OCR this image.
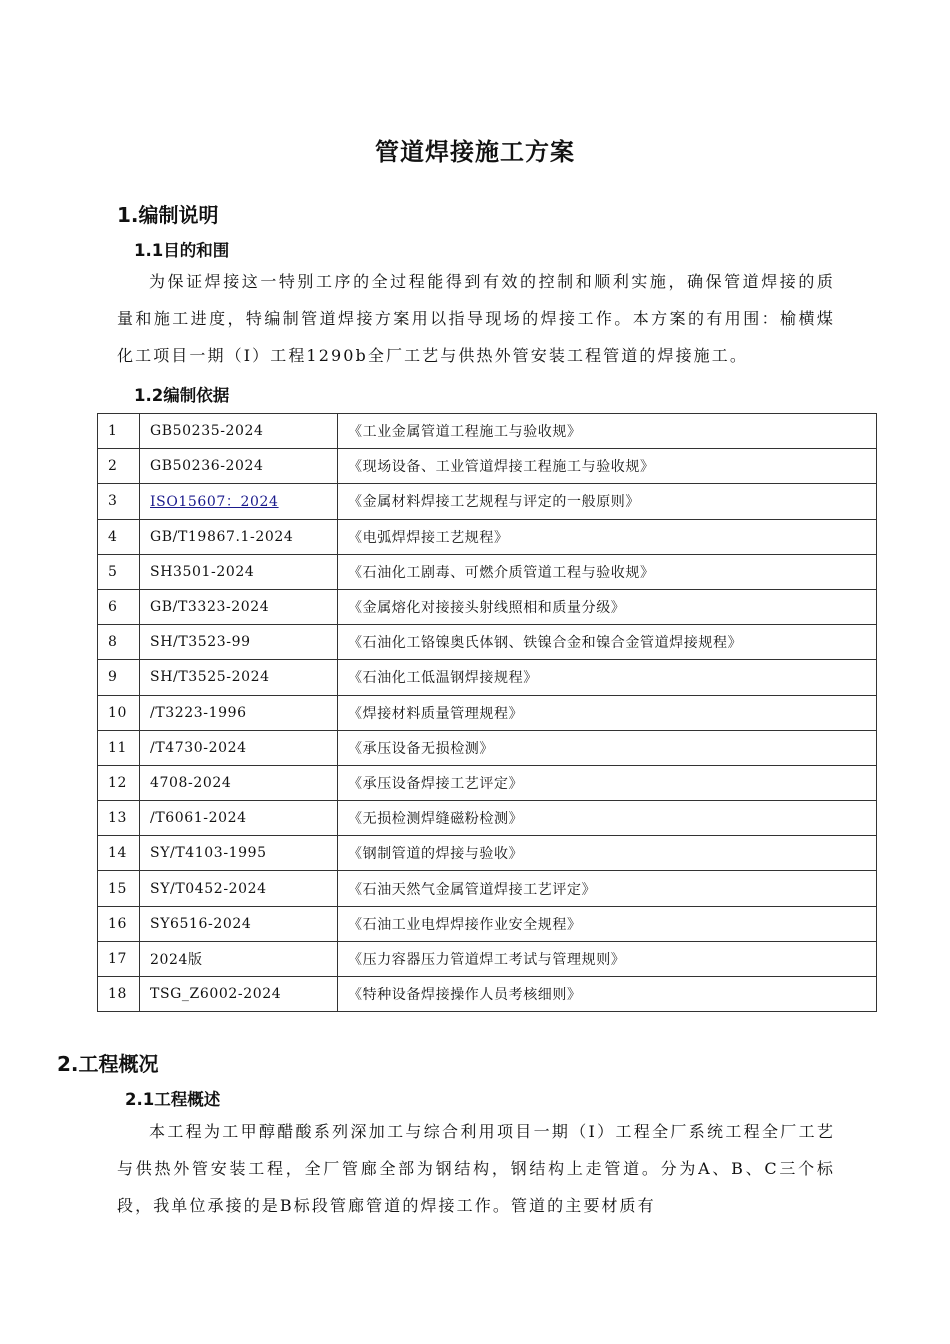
管道焊接施工方案
1.编制说明
1.1目的和围
为保证焊接这一特别工序的全过程能得到有效的控制和顺利实施，确保管道焊接的质量和施工进度，特编制管道焊接方案用以指导现场的焊接工作。本方案的有用围：榆横煤化工项目一期（Ⅰ）工程1290b全厂工艺与供热外管安装工程管道的焊接施工。
1.2编制依据
1	GB50235-2024	《工业金属管道工程施工与验收规》
2	GB50236-2024	《现场设备、工业管道焊接工程施工与验收规》
3	ISO15607：2024	《金属材料焊接工艺规程与评定的一般原则》
4	GB/T19867.1-2024	《电弧焊焊接工艺规程》
5	SH3501-2024	《石油化工剧毒、可燃介质管道工程与验收规》
6	GB/T3323-2024	《金属熔化对接接头射线照相和质量分级》
8	SH/T3523-99	《石油化工铬镍奥氏体钢、铁镍合金和镍合金管道焊接规程》
9	SH/T3525-2024	《石油化工低温钢焊接规程》
10	/T3223-1996	《焊接材料质量管理规程》
11	/T4730-2024	《承压设备无损检测》
12	4708-2024	《承压设备焊接工艺评定》
13	/T6061-2024	《无损检测焊缝磁粉检测》
14	SY/T4103-1995	《钢制管道的焊接与验收》
15	SY/T0452-2024	《石油天然气金属管道焊接工艺评定》
16	SY6516-2024	《石油工业电焊焊接作业安全规程》
17	2024版	《压力容器压力管道焊工考试与管理规则》
18	TSG_Z6002-2024	《特种设备焊接操作人员考核细则》
2.工程概况
2.1工程概述
本工程为工甲醇醋酸系列深加工与综合利用项目一期（Ⅰ）工程全厂系统工程全厂工艺与供热外管安装工程，全厂管廊全部为钢结构，钢结构上走管道。分为A、B、C三个标段，我单位承接的是B标段管廊管道的焊接工作。管道的主要材质有
